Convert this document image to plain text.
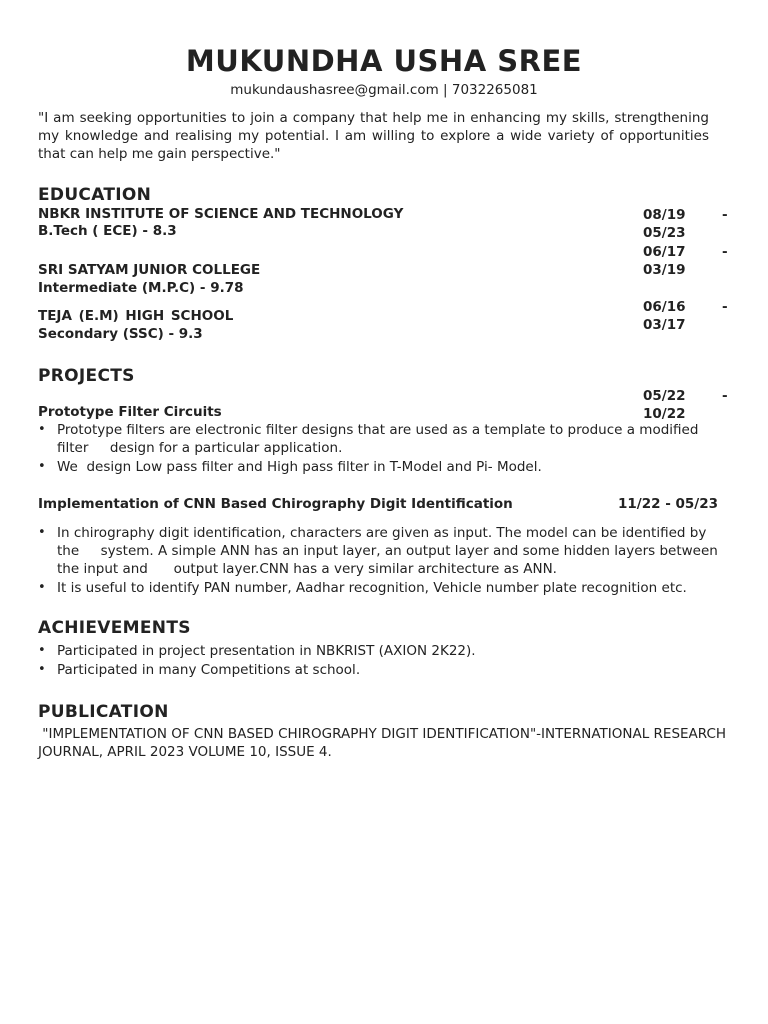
MUKUNDHA USHA SREE
mukundaushasree@gmail.com | 7032265081
"I am seeking opportunities to join a company that help me in enhancing my skills, strengthening my knowledge and realising my potential. I am willing to explore a wide variety of opportunities that can help me gain perspective."
EDUCATION
NBKR INSTITUTE OF SCIENCE AND TECHNOLOGY
B.Tech ( ECE) - 8.3
08/19
05/23
-
06/17
03/19
-
SRI SATYAM JUNIOR COLLEGE
Intermediate (M.P.C) - 9.78
06/16
03/17
-
TEJA (E.M) HIGH SCHOOL
Secondary (SSC) - 9.3
PROJECTS
05/22
10/22
-
Prototype Filter Circuits
• Prototype filters are electronic filter designs that are used as a template to produce a modified filter     design for a particular application.
• We  design Low pass filter and High pass filter in T-Model and Pi- Model.
Implementation of CNN Based Chirography Digit Identification	11/22 - 05/23
• In chirography digit identification, characters are given as input. The model can be identified by the     system. A simple ANN has an input layer, an output layer and some hidden layers between the input and      output layer.CNN has a very similar architecture as ANN.
• It is useful to identify PAN number, Aadhar recognition, Vehicle number plate recognition etc.
ACHIEVEMENTS
• Participated in project presentation in NBKRIST (AXION 2K22).
• Participated in many Competitions at school.
PUBLICATION
"IMPLEMENTATION OF CNN BASED CHIROGRAPHY DIGIT IDENTIFICATION"-INTERNATIONAL RESEARCH JOURNAL, APRIL 2023 VOLUME 10, ISSUE 4.
